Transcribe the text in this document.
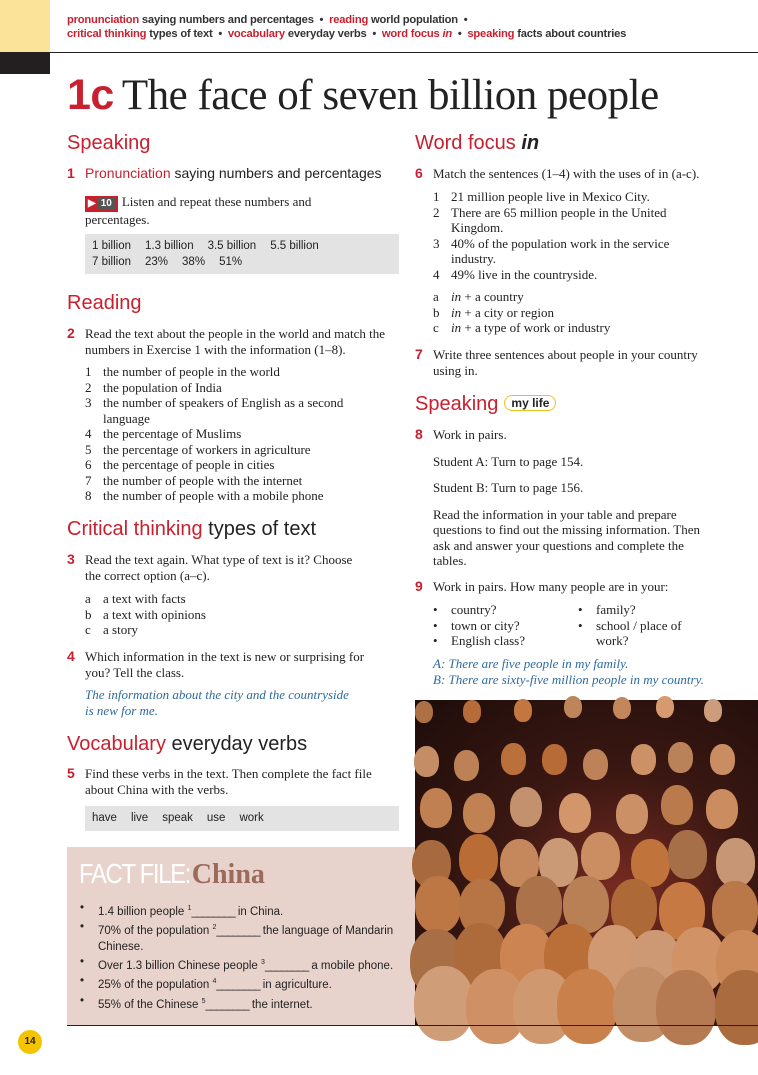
pronunciation saying numbers and percentages  •  reading world population  •
critical thinking types of text  •  vocabulary everyday verbs  •  word focus in  •  speaking facts about countries
1c The face of seven billion people
Speaking
1 Pronunciation saying numbers and percentages
▶ 10 Listen and repeat these numbers and percentages.
1 billion 1.3 billion 3.5 billion 5.5 billion
7 billion 23% 38% 51%
Reading
2 Read the text about the people in the world and match the numbers in Exercise 1 with the information (1–8).
1 the number of people in the world
2 the population of India
3 the number of speakers of English as a second language
4 the percentage of Muslims
5 the percentage of workers in agriculture
6 the percentage of people in cities
7 the number of people with the internet
8 the number of people with a mobile phone
Critical thinking types of text
3 Read the text again. What type of text is it? Choose the correct option (a–c).
a a text with facts
b a text with opinions
c a story
4 Which information in the text is new or surprising for you? Tell the class.
The information about the city and the countryside is new for me.
Vocabulary everyday verbs
5 Find these verbs in the text. Then complete the fact file about China with the verbs.
have live speak use work
FACT FILE:China
• 1.4 billion people $^1$________ in China.
• 70% of the population $^2$________ the language of Mandarin Chinese.
• Over 1.3 billion Chinese people $^3$________ a mobile phone.
• 25% of the population $^4$________ in agriculture.
• 55% of the Chinese $^5$________ the internet.
Word focus in
6 Match the sentences (1–4) with the uses of in (a-c).
1 21 million people live in Mexico City.
2 There are 65 million people in the United Kingdom.
3 40% of the population work in the service industry.
4 49% live in the countryside.
a in + a country
b in + a city or region
c in + a type of work or industry
7 Write three sentences about people in your country using in.
Speaking my life
8 Work in pairs.
Student A: Turn to page 154.
Student B: Turn to page 156.
Read the information in your table and prepare questions to find out the missing information. Then ask and answer your questions and complete the tables.
9 Work in pairs. How many people are in your:
• country?
• town or city?
• English class?
• family?
• school / place of work?
A: There are five people in my family.
B: There are sixty-five million people in my country.
14
